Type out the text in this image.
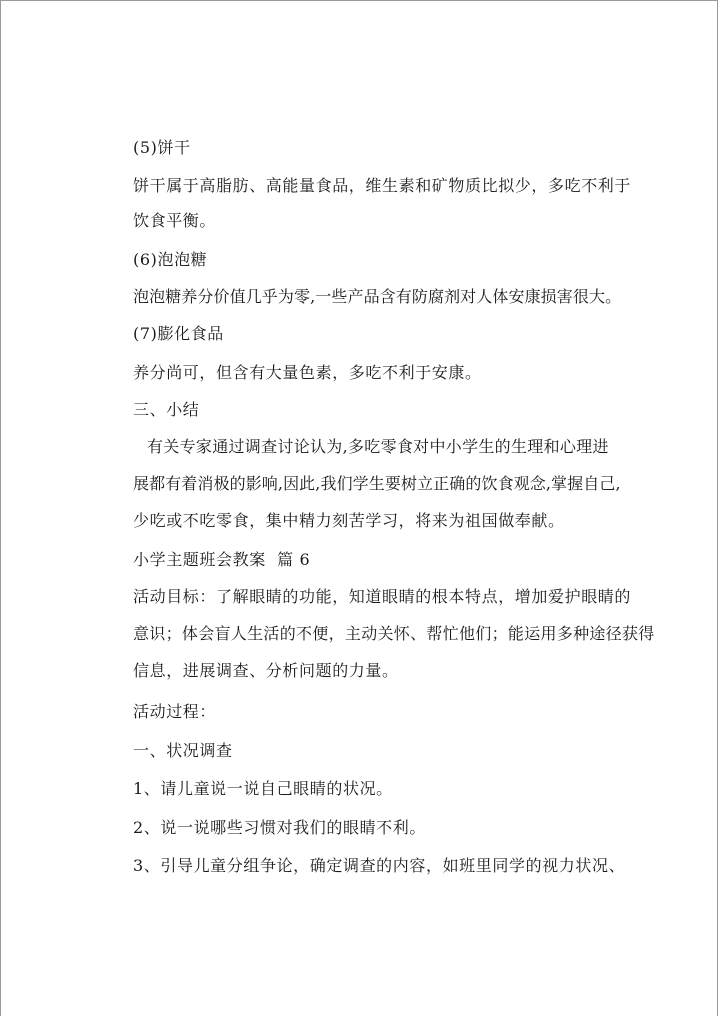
(5)饼干
饼干属于高脂肪、高能量食品，维生素和矿物质比拟少，多吃不利于
饮食平衡。
(6)泡泡糖
泡泡糖养分价值几乎为零,一些产品含有防腐剂对人体安康损害很大。
(7)膨化食品
养分尚可，但含有大量色素，多吃不利于安康。
三、小结
有关专家通过调查讨论认为,多吃零食对中小学生的生理和心理进
展都有着消极的影响,因此,我们学生要树立正确的饮食观念,掌握自己,
少吃或不吃零食，集中精力刻苦学习，将来为祖国做奉献。
小学主题班会教案  篇 6
活动目标：了解眼睛的功能，知道眼睛的根本特点，增加爱护眼睛的
意识；体会盲人生活的不便，主动关怀、帮忙他们；能运用多种途径获得
信息，进展调查、分析问题的力量。
活动过程：
一、状况调查
1、请儿童说一说自己眼睛的状况。
2、说一说哪些习惯对我们的眼睛不利。
3、引导儿童分组争论，确定调查的内容，如班里同学的视力状况、
